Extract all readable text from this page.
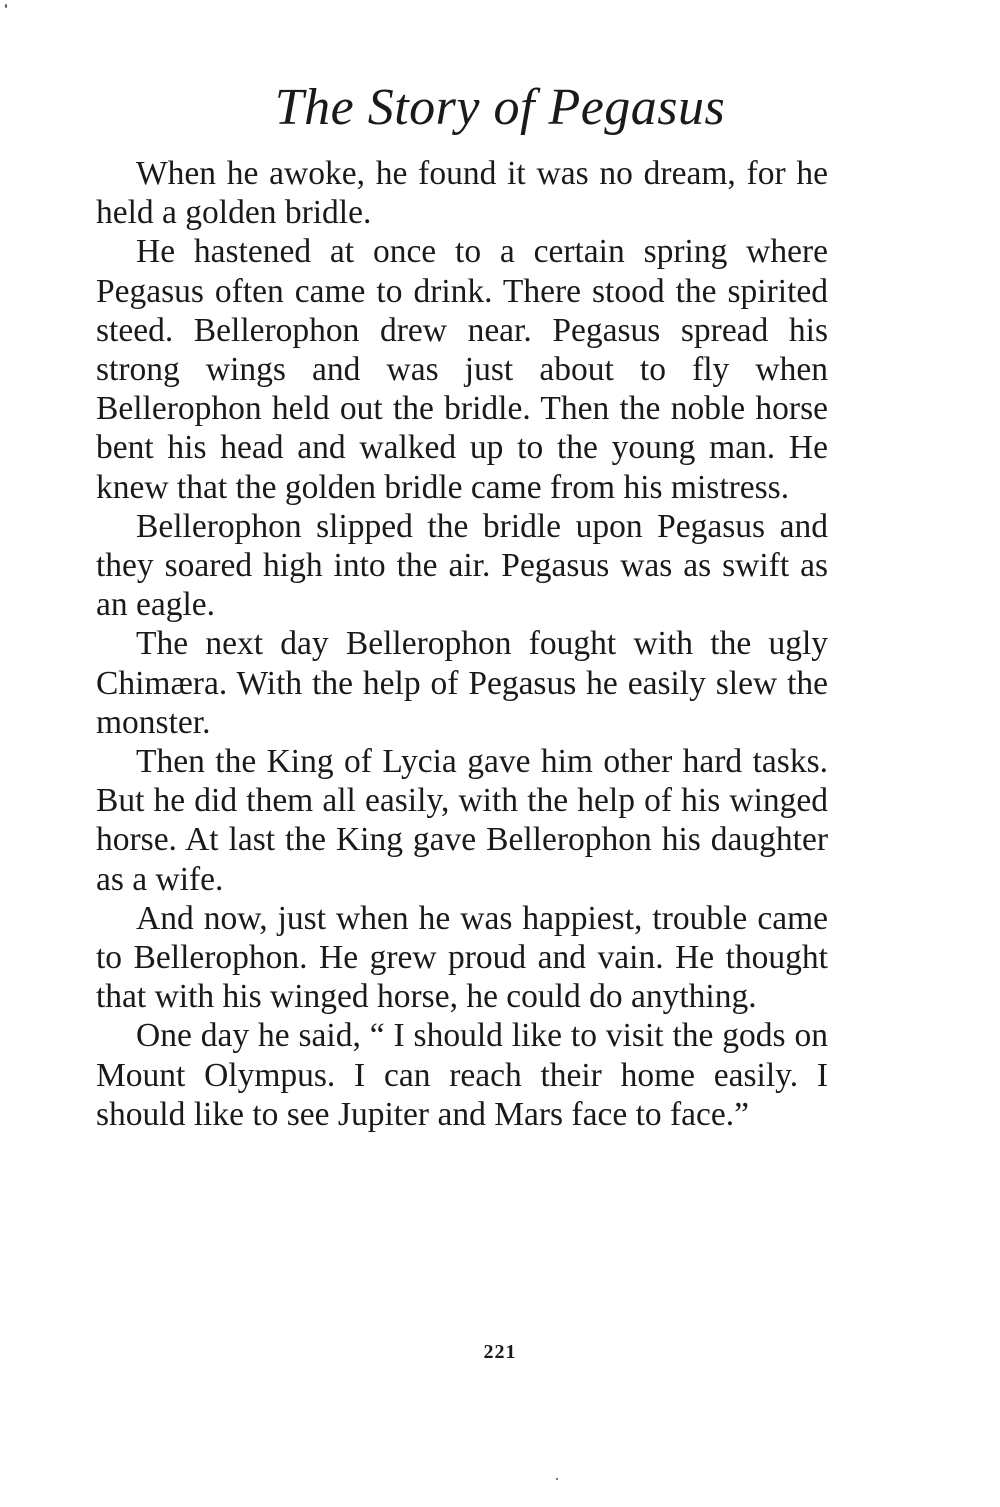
The Story of Pegasus

When he awoke, he found it was no dream, for he held a golden bridle.

He hastened at once to a certain spring where Pegasus often came to drink. There stood the spirited steed. Bellerophon drew near. Pegasus spread his strong wings and was just about to fly when Bellerophon held out the bridle. Then the noble horse bent his head and walked up to the young man. He knew that the golden bridle came from his mistress.

Bellerophon slipped the bridle upon Pegasus and they soared high into the air. Pegasus was as swift as an eagle.

The next day Bellerophon fought with the ugly Chimæra. With the help of Pegasus he easily slew the monster.

Then the King of Lycia gave him other hard tasks. But he did them all easily, with the help of his winged horse. At last the King gave Bellerophon his daughter as a wife.

And now, just when he was happiest, trouble came to Bellerophon. He grew proud and vain. He thought that with his winged horse, he could do anything.

One day he said, “ I should like to visit the gods on Mount Olympus. I can reach their home easily. I should like to see Jupiter and Mars face to face.”

221
